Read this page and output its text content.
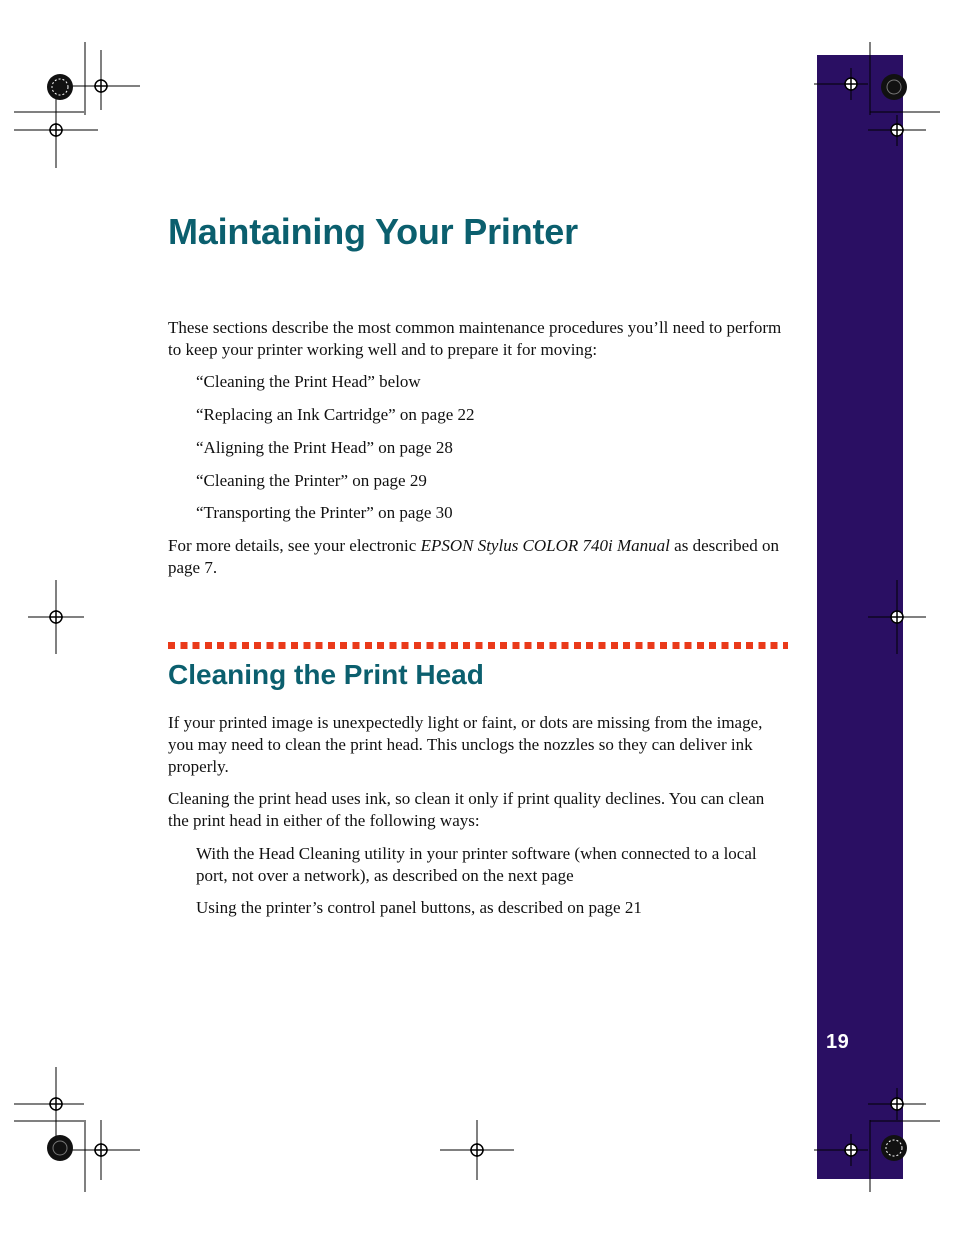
19
Maintaining Your Printer

These sections describe the most common maintenance procedures you’ll need to perform to keep your printer working well and to prepare it for moving:

“Cleaning the Print Head” below

“Replacing an Ink Cartridge” on page 22

“Aligning the Print Head” on page 28

“Cleaning the Printer” on page 29

“Transporting the Printer” on page 30

For more details, see your electronic EPSON Stylus COLOR 740i Manual as described on page 7.

Cleaning the Print Head

If your printed image is unexpectedly light or faint, or dots are missing from the image, you may need to clean the print head. This unclogs the nozzles so they can deliver ink properly.

Cleaning the print head uses ink, so clean it only if print quality declines. You can clean the print head in either of the following ways:

With the Head Cleaning utility in your printer software (when connected to a local port, not over a network), as described on the next page

Using the printer’s control panel buttons, as described on page 21
